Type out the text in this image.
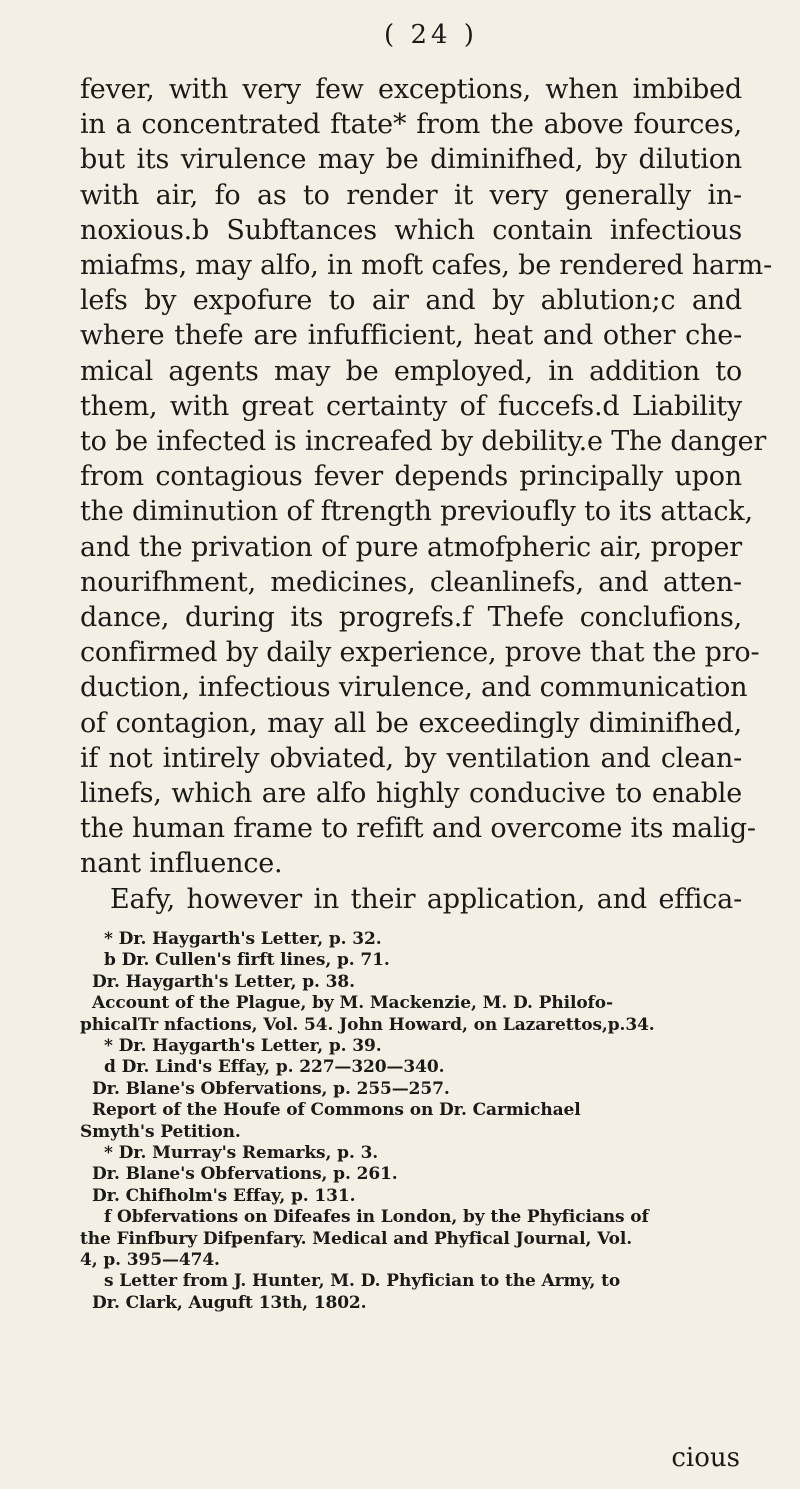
( 24 )
fever, with very few exceptions, when imbibed
in a concentrated ftate* from the above fources,
but its virulence may be diminifhed, by dilution
with air, fo as to render it very generally in-
noxious.b Subftances which contain infectious
miafms, may alfo, in moft cafes, be rendered harm-
lefs by expofure to air and by ablution;c and
where thefe are infufficient, heat and other che-
mical agents may be employed, in addition to
them, with great certainty of fuccefs.d Liability
to be infected is increafed by debility.e The danger
from contagious fever depends principally upon
the diminution of ftrength previoufly to its attack,
and the privation of pure atmofpheric air, proper
nourifhment, medicines, cleanlinefs, and atten-
dance, during its progrefs.f Thefe conclufions,
confirmed by daily experience, prove that the pro-
duction, infectious virulence, and communication
of contagion, may all be exceedingly diminifhed,
if not intirely obviated, by ventilation and clean-
linefs, which are alfo highly conducive to enable
the human frame to refift and overcome its malig-
nant influence.
Eafy, however in their application, and effica-
* Dr. Haygarth's Letter, p. 32.
b Dr. Cullen's firft lines, p. 71.
Dr. Haygarth's Letter, p. 38.
Account of the Plague, by M. Mackenzie, M. D. Philofo-
phicalTr nfactions, Vol. 54. John Howard, on Lazarettos,p.34.
* Dr. Haygarth's Letter, p. 39.
d Dr. Lind's Effay, p. 227—320—340.
Dr. Blane's Obfervations, p. 255—257.
Report of the Houfe of Commons on Dr. Carmichael
Smyth's Petition.
* Dr. Murray's Remarks, p. 3.
Dr. Blane's Obfervations, p. 261.
Dr. Chifholm's Effay, p. 131.
f Obfervations on Difeafes in London, by the Phyficians of
the Finfbury Difpenfary. Medical and Phyfical Journal, Vol.
4, p. 395—474.
s Letter from J. Hunter, M. D. Phyfician to the Army, to
Dr. Clark, Auguft 13th, 1802.
cious
